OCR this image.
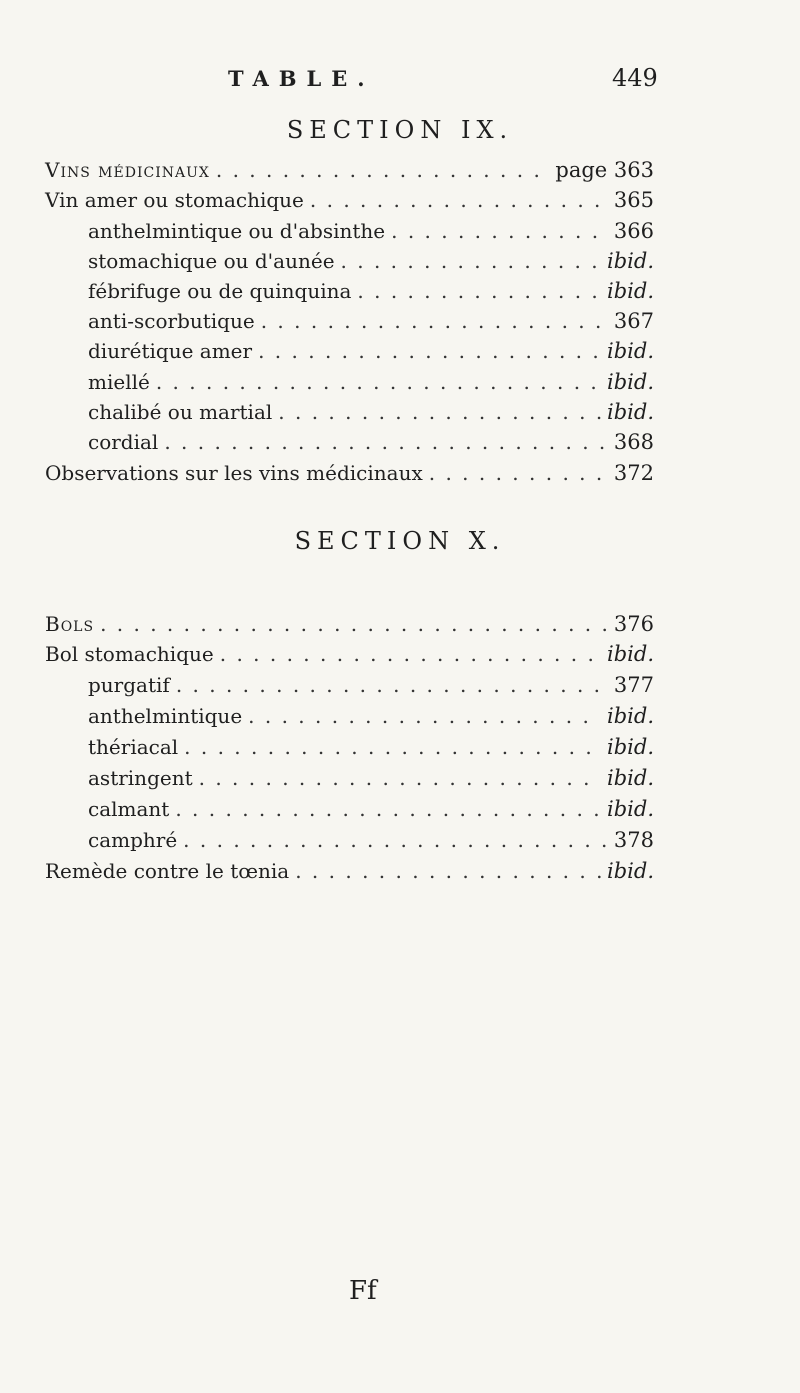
TABLE.	449
SECTION IX.
Vins médicinaux . . .	page 363
Vin amer ou stomachique . . .	365
anthelmintique ou d'absinthe . . .	366
stomachique ou d'aunée . . .	ibid.
fébrifuge ou de quinquina . . .	ibid.
anti-scorbutique . . .	367
diurétique amer . . .	ibid.
miellé . . .	ibid.
chalibé ou martial . . .	ibid.
cordial . . .	368
Observations sur les vins médicinaux . . .	372
SECTION X.
Bols . . .	376
Bol stomachique . . .	ibid.
purgatif . . .	377
anthelmintique . . .	ibid.
thériacal . . .	ibid.
astringent . . .	ibid.
calmant . . .	ibid.
camphré . . .	378
Remède contre le tœnia . . .	ibid.
Ff
